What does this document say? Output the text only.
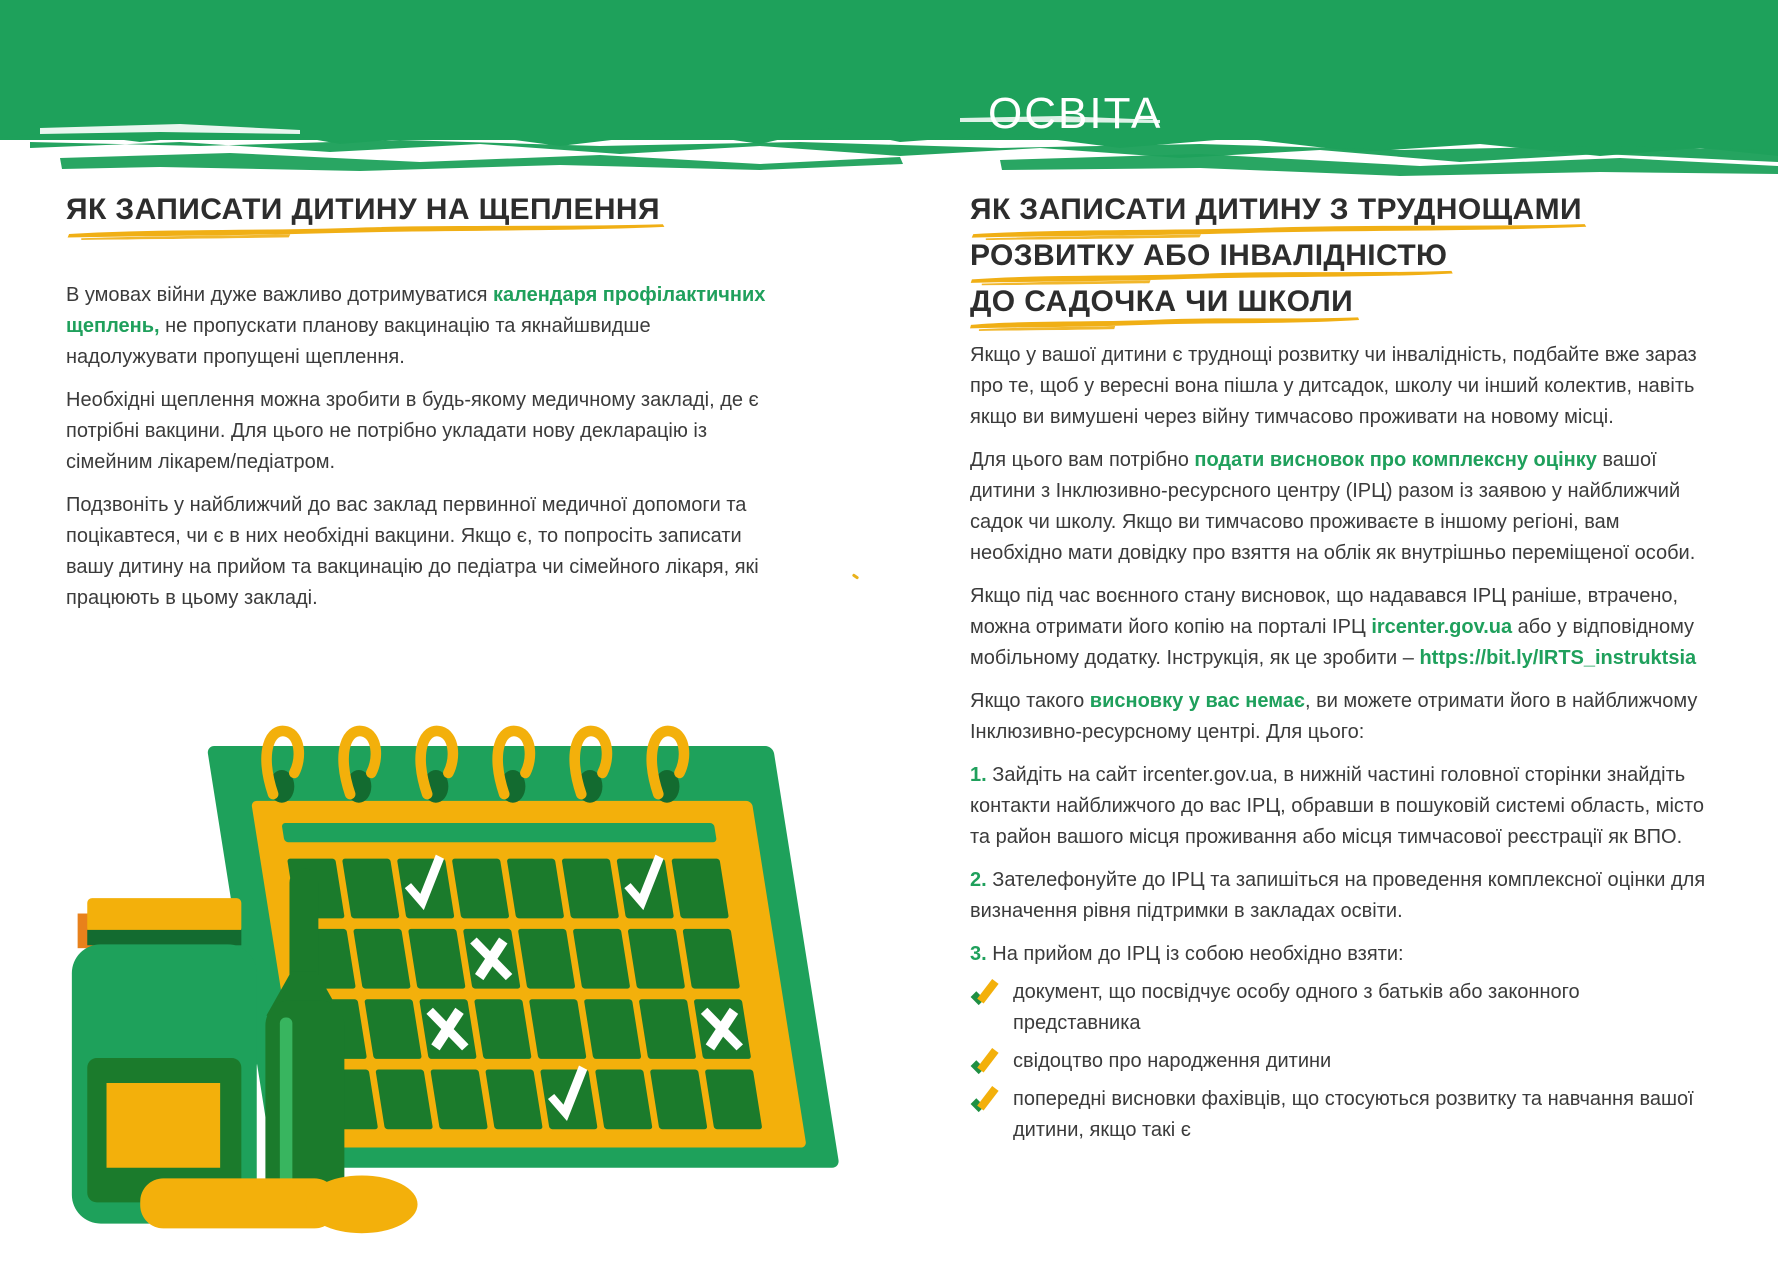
ОСВІТА
ЯК ЗАПИСАТИ ДИТИНУ НА ЩЕПЛЕННЯ

В умовах війни дуже важливо дотримуватися календаря профілактичних щеплень, не пропускати планову вакцинацію та якнайшвидше надолужувати пропущені щеплення.

Необхідні щеплення можна зробити в будь-якому медичному закладі, де є потрібні вакцини. Для цього не потрібно укладати нову декларацію із сімейним лікарем/педіатром.

Подзвоніть у найближчий до вас заклад первинної медичної допомоги та поцікавтеся, чи є в них необхідні вакцини. Якщо є, то попросіть записати вашу дитину на прийом та вакцинацію до педіатра чи сімейного лікаря, які працюють в цьому закладі.

ЯК ЗАПИСАТИ ДИТИНУ З ТРУДНОЩАМИ
РОЗВИТКУ АБО ІНВАЛІДНІСТЮ
ДО САДОЧКА ЧИ ШКОЛИ

Якщо у вашої дитини є труднощі розвитку чи інвалідність, подбайте вже зараз про те, щоб у вересні вона пішла у дитсадок, школу чи інший колектив, навіть якщо ви вимушені через війну тимчасово проживати на новому місці.

Для цього вам потрібно подати висновок про комплексну оцінку вашої дитини з Інклюзивно-ресурсного центру (ІРЦ) разом із заявою у найближчий садок чи школу. Якщо ви тимчасово проживаєте в іншому регіоні, вам необхідно мати довідку про взяття на облік як внутрішньо переміщеної особи.

Якщо під час воєнного стану висновок, що надавався ІРЦ раніше, втрачено, можна отримати його копію на порталі ІРЦ ircenter.gov.ua або у відповідному мобільному додатку. Інструкція, як це зробити – https://bit.ly/IRTS_instruktsia

Якщо такого висновку у вас немає, ви можете отримати його в найближчому Інклюзивно-ресурсному центрі. Для цього:

1. Зайдіть на сайт ircenter.gov.ua, в нижній частині головної сторінки знайдіть контакти найближчого до вас ІРЦ, обравши в пошуковій системі область, місто та район вашого місця проживання або місця тимчасової реєстрації як ВПО.

2. Зателефонуйте до ІРЦ та запишіться на проведення комплексної оцінки для визначення рівня підтримки в закладах освіти.

3. На прийом до ІРЦ із собою необхідно взяти:

документ, що посвідчує особу одного з батьків або законного представника
свідоцтво про народження дитини
попередні висновки фахівців, що стосуються розвитку та навчання вашої дитини, якщо такі є
